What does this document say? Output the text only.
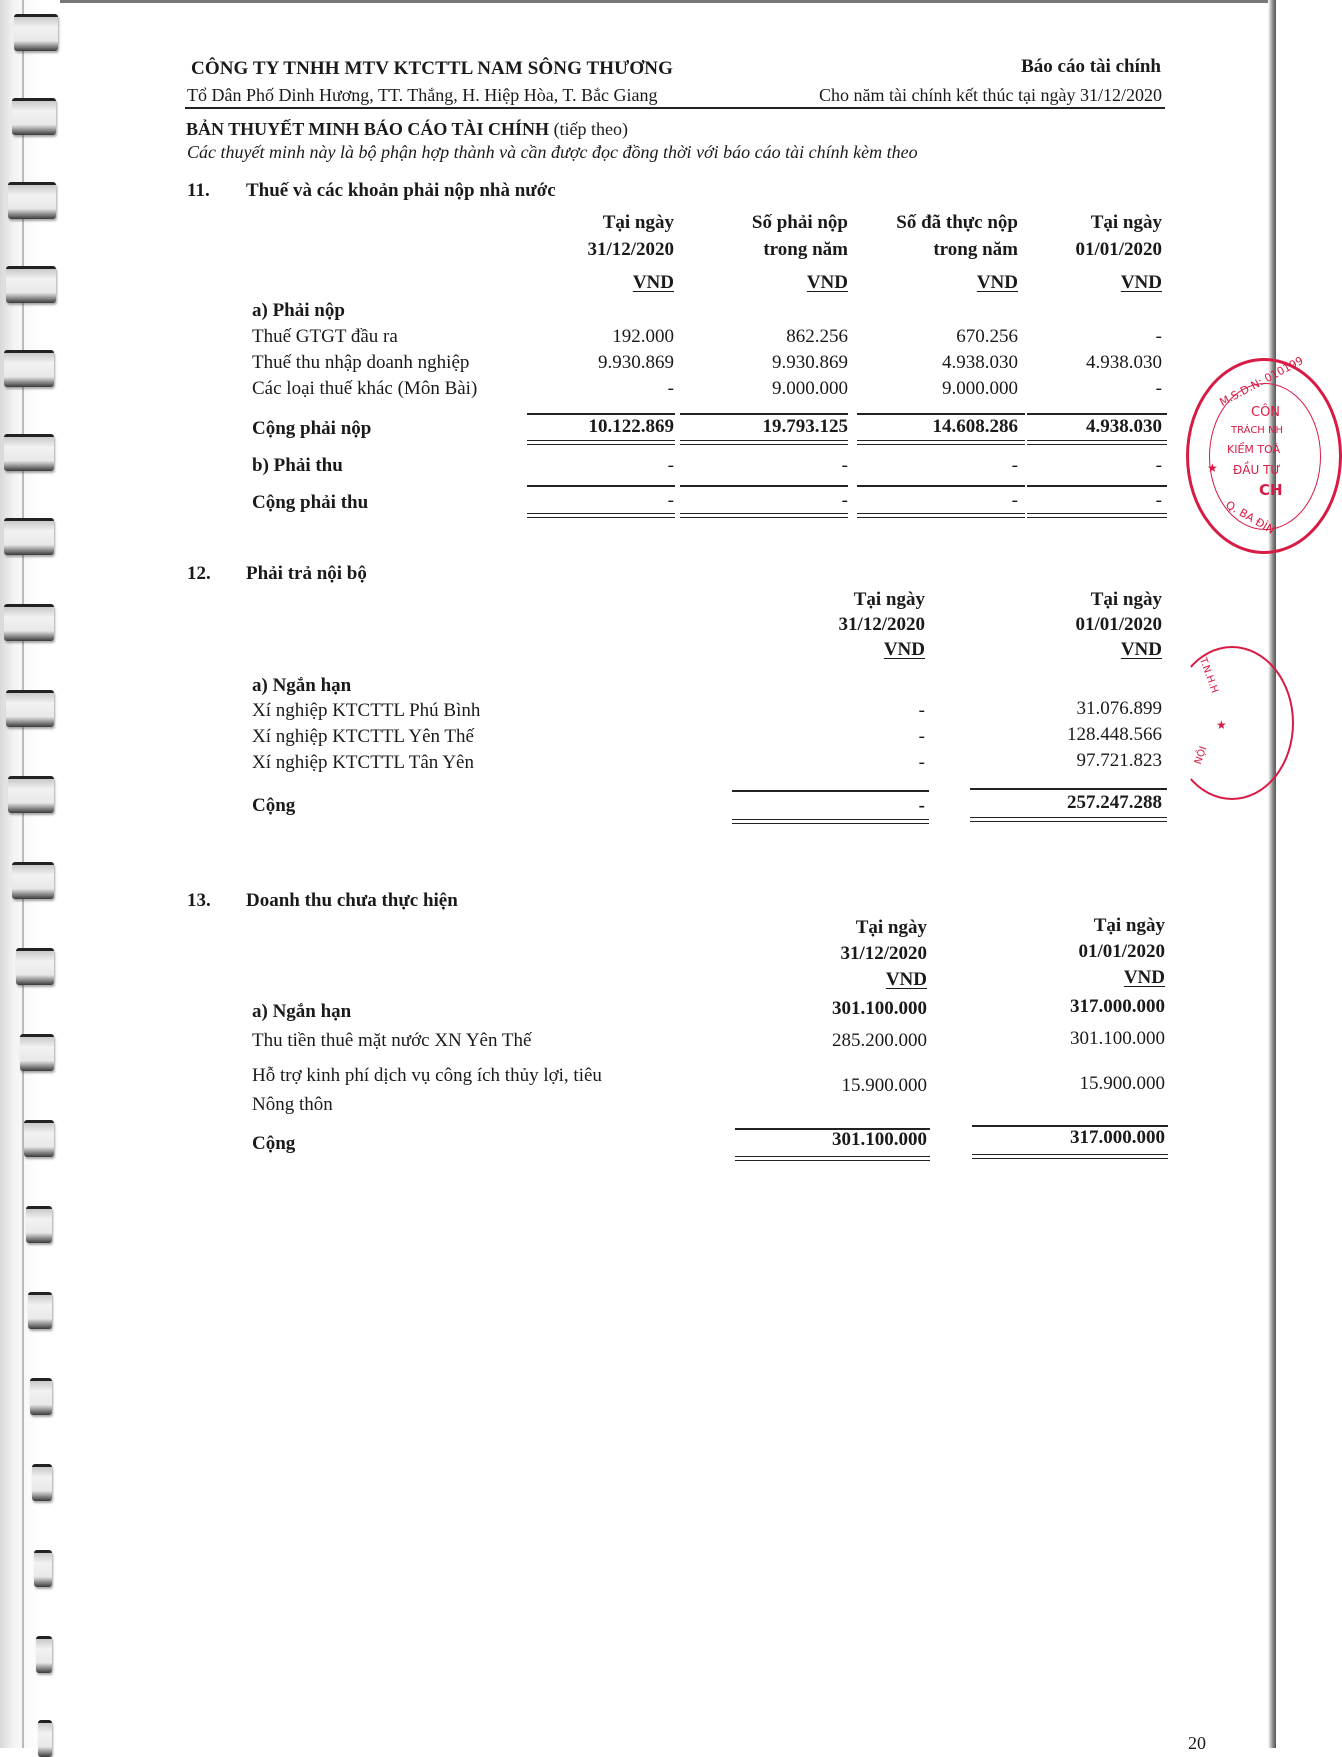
CÔNG TY TNHH MTV KTCTTL NAM SÔNG THƯƠNG	Báo cáo tài chính
Tổ Dân Phố Dinh Hương, TT. Thắng, H. Hiệp Hòa, T. Bắc Giang	Cho năm tài chính kết thúc tại ngày 31/12/2020
BẢN THUYẾT MINH BÁO CÁO TÀI CHÍNH (tiếp theo)
Các thuyết minh này là bộ phận hợp thành và cần được đọc đồng thời với báo cáo tài chính kèm theo
11. Thuế và các khoản phải nộp nhà nước
Tại ngày
31/12/2020
VND
Số phải nộp
trong năm
VND
Số đã thực nộp
trong năm
VND
Tại ngày
01/01/2020
VND
a) Phải nộp
Thuế GTGT đầu ra	192.000	862.256	670.256	-
Thuế thu nhập doanh nghiệp	9.930.869	9.930.869	4.938.030	4.938.030
Các loại thuế khác (Môn Bài)	-	9.000.000	9.000.000	-
Cộng phải nộp	10.122.869	19.793.125	14.608.286	4.938.030
b) Phải thu	-	-	-	-
Cộng phải thu	-	-	-	-
12. Phải trả nội bộ
Tại ngày
31/12/2020
VND
Tại ngày
01/01/2020
VND
a) Ngắn hạn
Xí nghiệp KTCTTL Phú Bình	-	31.076.899
Xí nghiệp KTCTTL Yên Thế	-	128.448.566
Xí nghiệp KTCTTL Tân Yên	-	97.721.823
Cộng	-	257.247.288
13. Doanh thu chưa thực hiện
Tại ngày
31/12/2020
VND
Tại ngày
01/01/2020
VND
a) Ngắn hạn	301.100.000	317.000.000
Thu tiền thuê mặt nước XN Yên Thế	285.200.000	301.100.000
Hỗ trợ kinh phí dịch vụ công ích thủy lợi, tiêu
Nông thôn
15.900.000	15.900.000
Cộng	301.100.000	317.000.000
M.S.D.N: 010199
CÔN
TRÁCH NH
KIỂM TOÁ
ĐẦU TƯ
CH
★
Q. BA ĐÌN
T.N.H.H
★
NỘI
20
